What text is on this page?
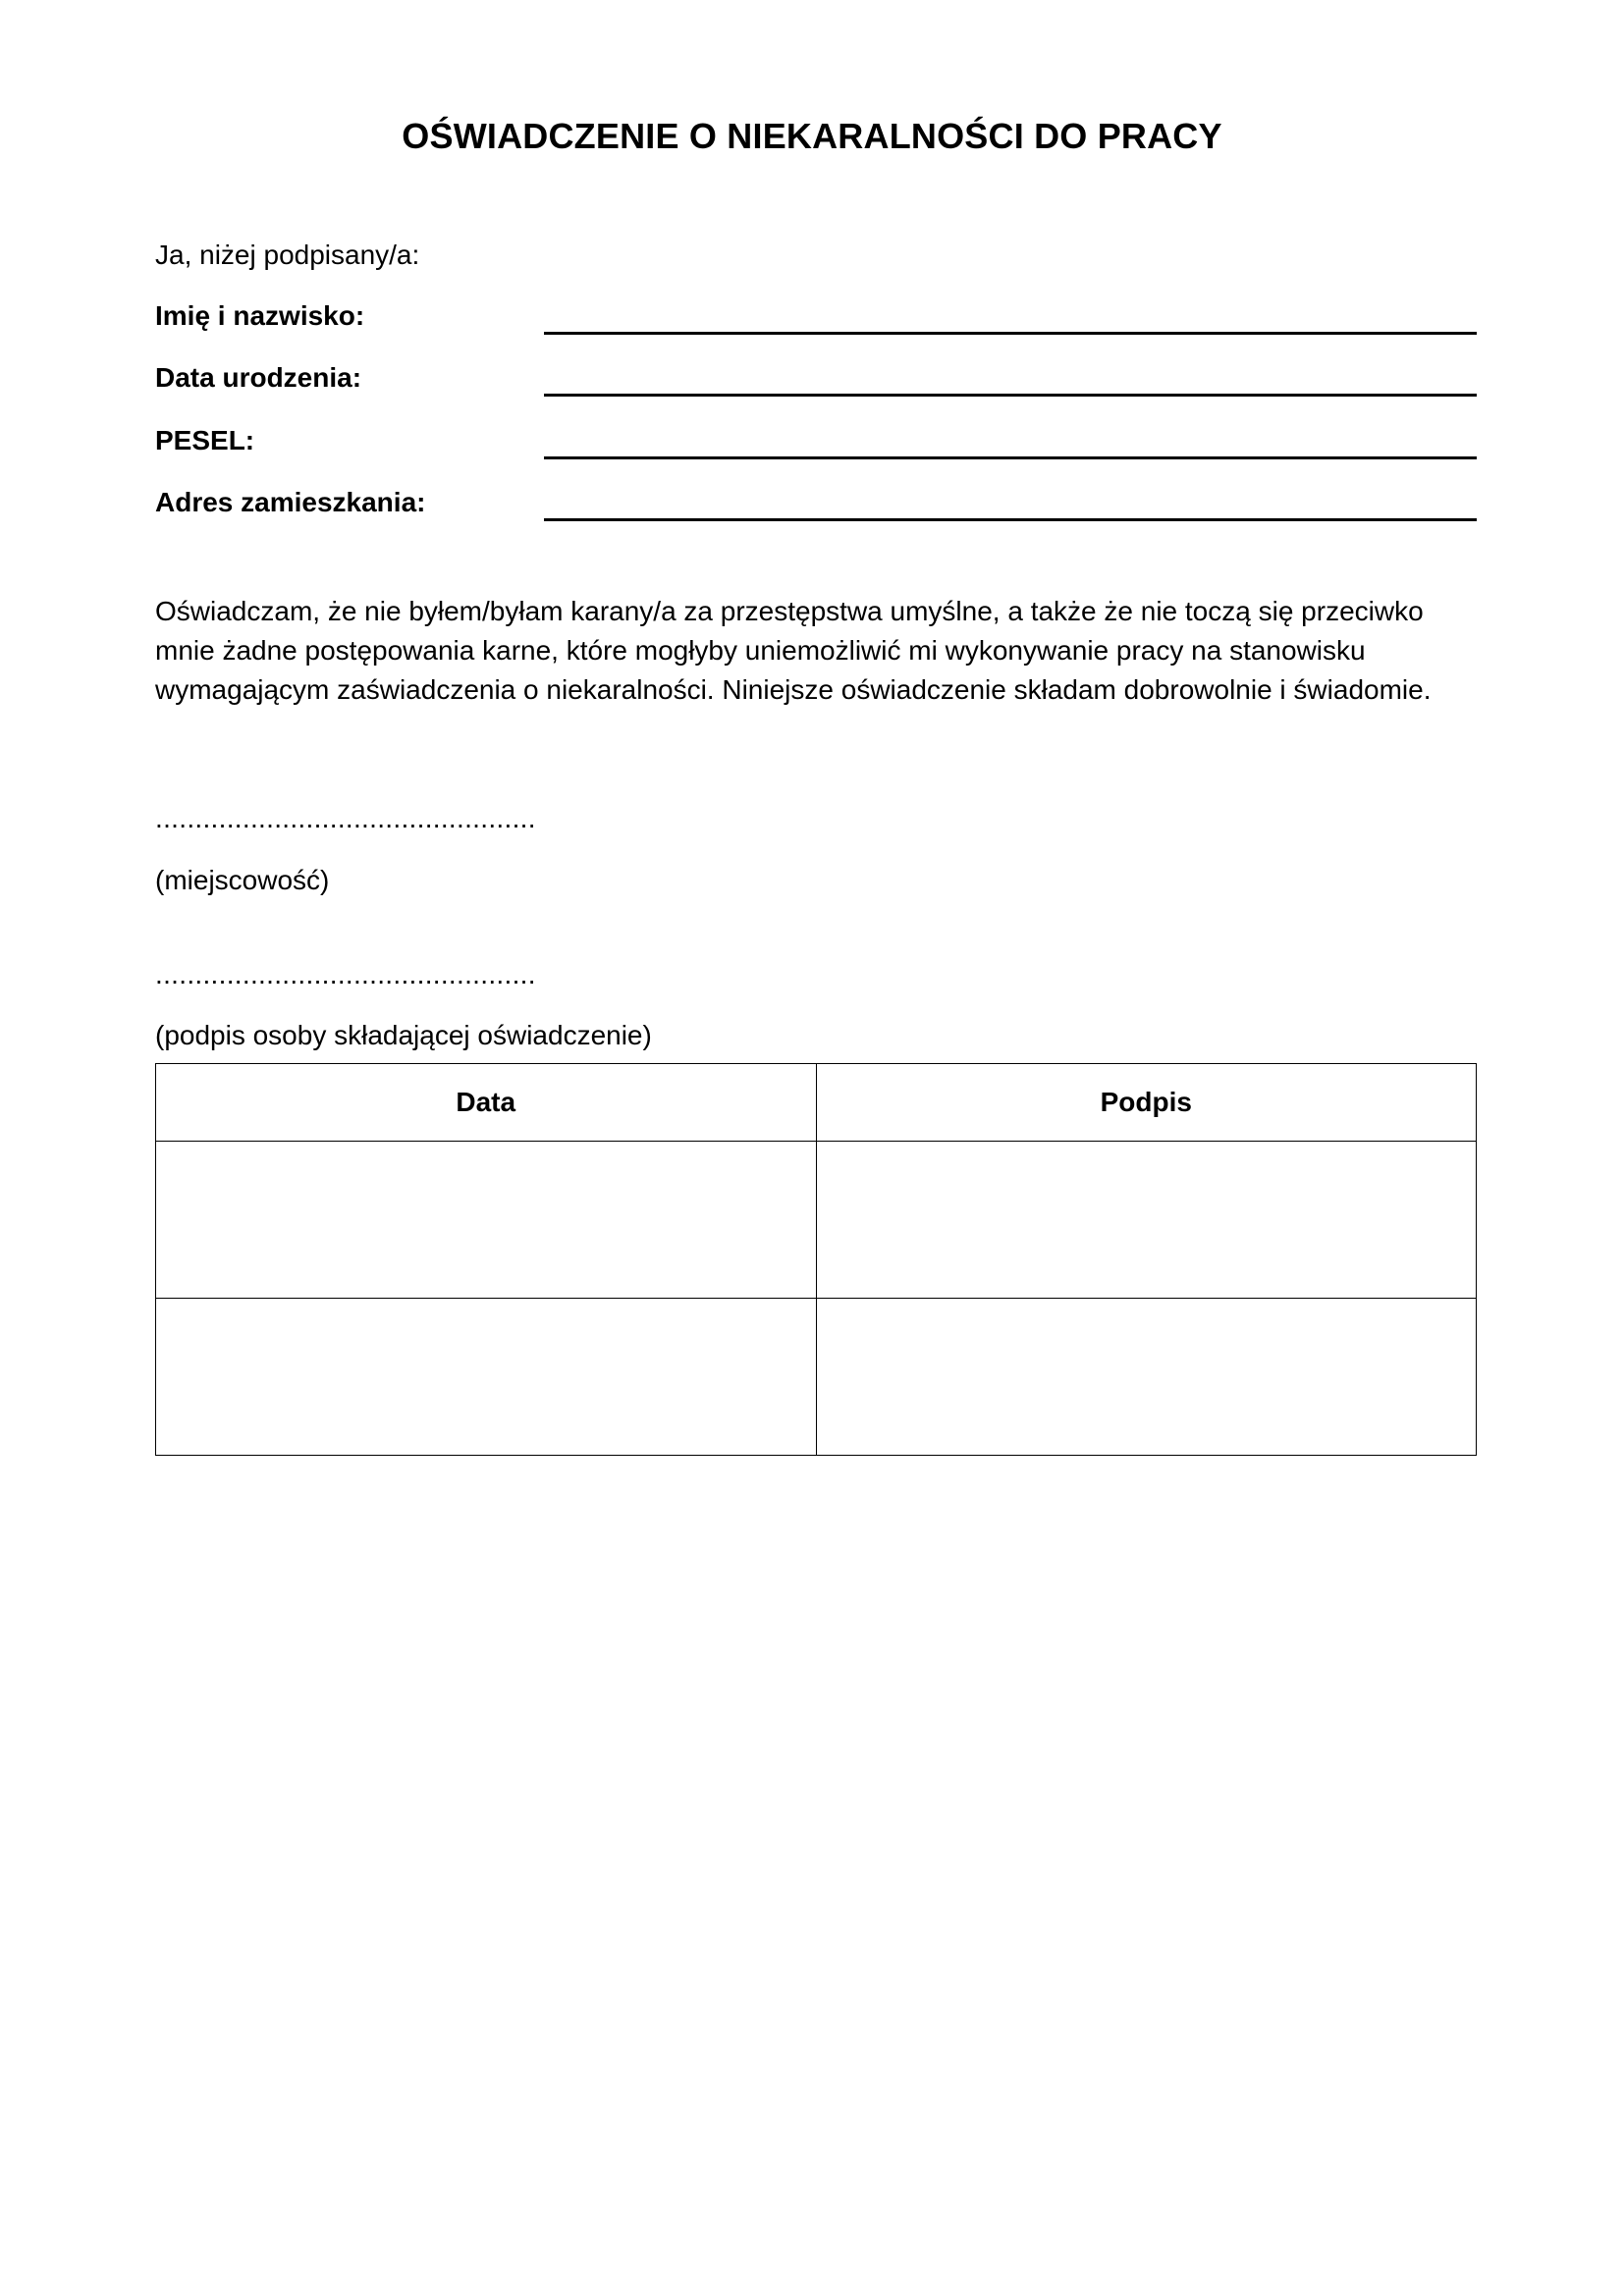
OŚWIADCZENIE O NIEKARALNOŚCI DO PRACY
Ja, niżej podpisany/a:
Imię i nazwisko:
Data urodzenia:
PESEL:
Adres zamieszkania:
Oświadczam, że nie byłem/byłam karany/a za przestępstwa umyślne, a także że nie toczą się przeciwko
mnie żadne postępowania karne, które mogłyby uniemożliwić mi wykonywanie pracy na stanowisku
wymagającym zaświadczenia o niekaralności. Niniejsze oświadczenie składam dobrowolnie i świadomie.
................................................
(miejscowość)
................................................
(podpis osoby składającej oświadczenie)
Data	Podpis
